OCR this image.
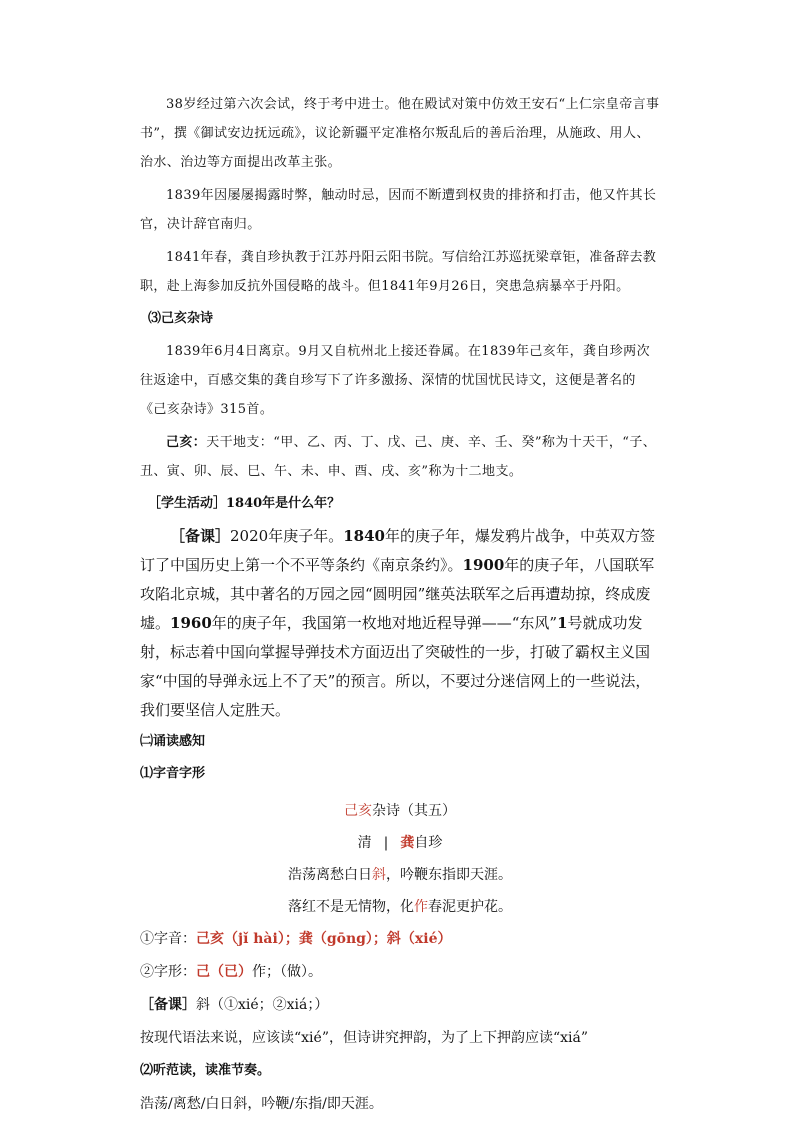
38岁经过第六次会试，终于考中进士。他在殿试对策中仿效王安石“上仁宗皇帝言事书”，撰《御试安边抚远疏》，议论新疆平定准格尔叛乱后的善后治理，从施政、用人、治水、治边等方面提出改革主张。

1839年因屡屡揭露时弊，触动时忌，因而不断遭到权贵的排挤和打击，他又忤其长官，决计辞官南归。

1841年春，龚自珍执教于江苏丹阳云阳书院。写信给江苏巡抚梁章钜，准备辞去教职，赴上海参加反抗外国侵略的战斗。但1841年9月26日，突患急病暴卒于丹阳。

⑶己亥杂诗

1839年6月4日离京。9月又自杭州北上接还眷属。在1839年己亥年，龚自珍两次往返途中，百感交集的龚自珍写下了许多激扬、深情的忧国忧民诗文，这便是著名的《己亥杂诗》315首。

己亥：天干地支：“甲、乙、丙、丁、戊、己、庚、辛、壬、癸”称为十天干，“子、丑、寅、卯、辰、巳、午、未、申、酉、戌、亥”称为十二地支。

［学生活动］1840年是什么年？

［备课］2020年庚子年。1840年的庚子年，爆发鸦片战争，中英双方签订了中国历史上第一个不平等条约《南京条约》。1900年的庚子年，八国联军攻陷北京城，其中著名的万园之园“圆明园”继英法联军之后再遭劫掠，终成废墟。1960年的庚子年，我国第一枚地对地近程导弹——“东风”1号就成功发射，标志着中国向掌握导弹技术方面迈出了突破性的一步，打破了霸权主义国家“中国的导弹永远上不了天”的预言。所以，不要过分迷信网上的一些说法，我们要坚信人定胜天。

㈡诵读感知

⑴字音字形

己亥杂诗（其五）

清 | 龚自珍

浩荡离愁白日斜，吟鞭东指即天涯。

落红不是无情物，化作春泥更护花。

①字音：己亥（jǐ hài）；龚（gōng）；斜（xié）

②字形：己（已）作；（做）。

［备课］斜（①xié；②xiá；）

按现代语法来说，应该读“xié”，但诗讲究押韵，为了上下押韵应读“xiá”

⑵听范读，读准节奏。

浩荡/离愁/白日斜，吟鞭/东指/即天涯。
